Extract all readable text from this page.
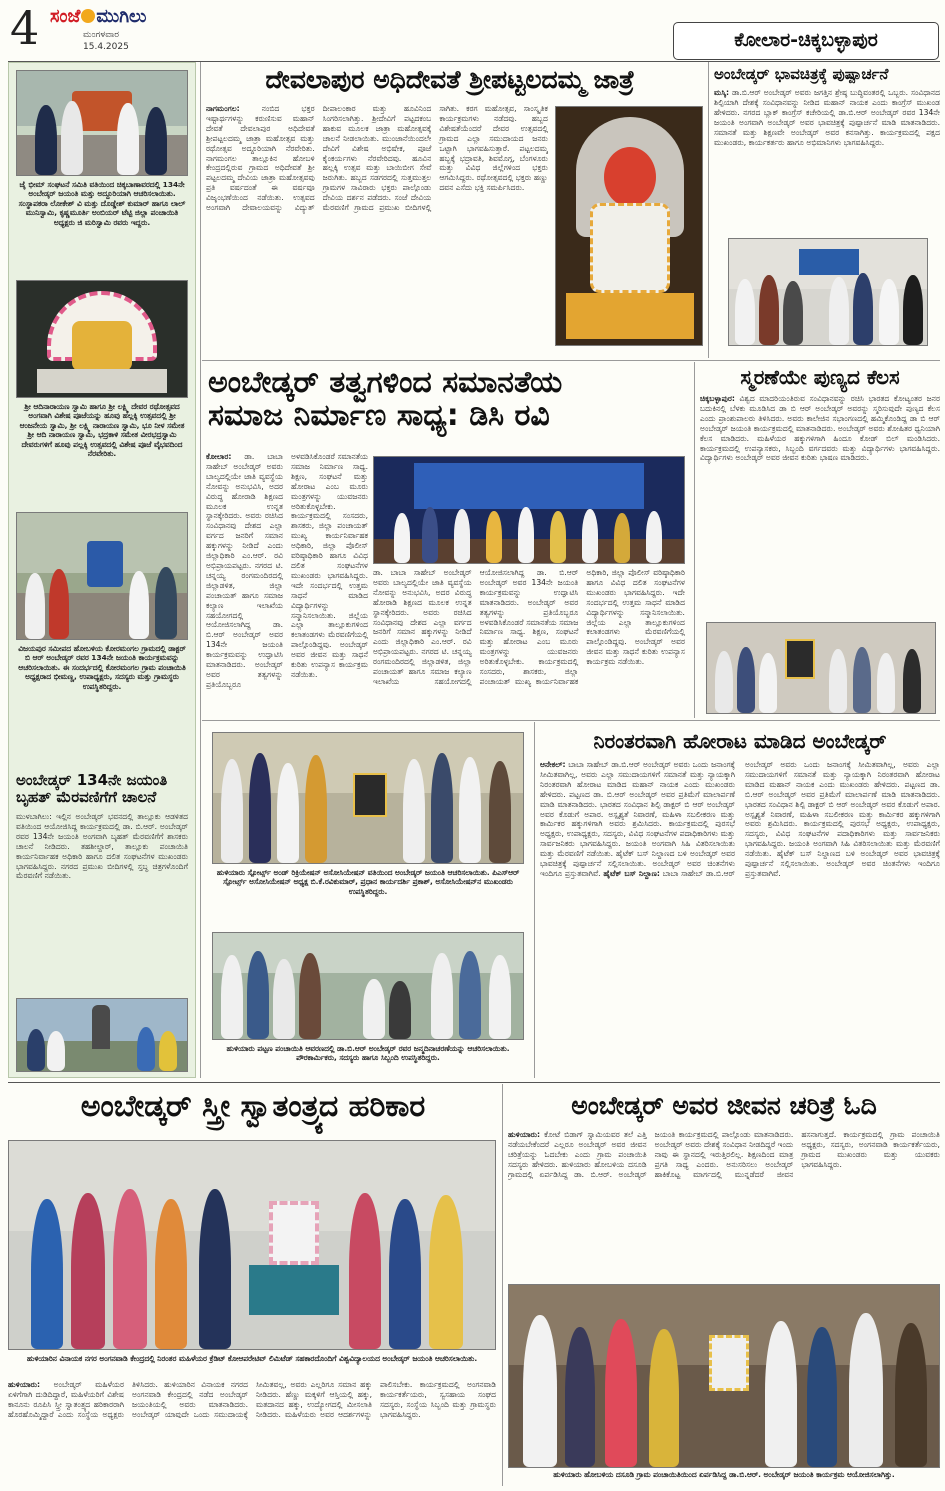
4 ಸಂಜೆ ಮುಗಿಲು
ಮಂಗಳವಾರ
15.4.2025	ಕೋಲಾರ-ಚಿಕ್ಕಬಳ್ಳಾಪುರ
ಜೈ ಭೀಮ್ ಸಂಘಟನೆ ಸಮಿತಿ ವತಿಯಿಂದ ಚಿಕ್ಕಬಾಣಾವರದಲ್ಲಿ 134ನೇ ಅಂಬೇಡ್ಕರ್ ಜಯಂತಿ ಮತ್ತು ಅದ್ದೂರಿಯಾಗಿ ಆಚರಿಸಲಾಯಿತು. ಸಂಸ್ಥಾಪಕರಾ ಲೋಕೇಶ್ ವಿ ಮತ್ತು ದೊಡ್ಡೇಶ್ ಕುಮಾರ್ ಹಾಗೂ ಲಾಲ್ ಮುನಿಸ್ವಾಮಿ, ಕೃಷ್ಣಮೂರ್ತಿ ಅಂಬಿಯರ್ ಟೆಟ್ಟಿ ಜಿಲ್ಲಾ ಪಂಚಾಯಿತಿ ಅಧ್ಯಕ್ಷರು ಜಿ ಮರಿಸ್ವಾಮಿ ರವರು ಇದ್ದರು.
ಶ್ರೀ ಆದಿನಾರಾಯಣ ಸ್ವಾಮಿ ಹಾಗೂ ಶ್ರೀ ಲಕ್ಷ್ಮಿ ದೇವರ ರಥೋತ್ಸವದ ಅಂಗವಾಗಿ ವಿಶೇಷ ಪೂಜೆಯನ್ನು ಹೂವು ಹಲ್ಲಕ್ಕಿ ಉತ್ಸವದಲ್ಲಿ ಶ್ರೀ ಆಂಜನೇಯ ಸ್ವಾಮಿ, ಶ್ರೀ ಲಕ್ಷ್ಮಿ ನಾರಾಯಣ ಸ್ವಾಮಿ, ಭೂ ನೀಳ ಸಮೇತ ಶ್ರೀ ಆದಿ ನಾರಾಯಣ ಸ್ವಾಮಿ, ಭದ್ರಕಾಳಿ ಸಮೇತ ವೀರಭದ್ರಸ್ವಾಮಿ ದೇವರುಗಳಿಗೆ ಹೂವು ಪಲ್ಲಕ್ಕಿ ಉತ್ಸವದಲ್ಲಿ ವಿಶೇಷ ಪೂಜೆ ವೈಭವದಿಂದ ನೆರವೇರಿತು.
ವಿಜಯಪುರ ಸಮೀಪದ ಹೋಬಳಿಯ ಕೋರಮಂಗಲ ಗ್ರಾಮದಲ್ಲಿ ಡಾಕ್ಟರ್ ಬಿ ಆರ್ ಅಂಬೇಡ್ಕರ್ ರವರ 134ನೇ ಜಯಂತಿ ಕಾರ್ಯಕ್ರಮವನ್ನು ಆಚರಿಸಲಾಯಿತು. ಈ ಸಂದರ್ಭದಲ್ಲಿ ಕೋರಮಂಗಲ ಗ್ರಾಮ ಪಂಚಾಯಿತಿ ಅಧ್ಯಕ್ಷರಾದ ಭೀಮಣ್ಣ, ಉಪಾಧ್ಯಕ್ಷರು, ಸದಸ್ಯರು ಮತ್ತು ಗ್ರಾಮಸ್ಥರು ಉಪಸ್ಥಿತರಿದ್ದರು.
ಅಂಬೇಡ್ಕರ್ 134ನೇ ಜಯಂತಿ ಬೃಹತ್ ಮೆರವಣಿಗೆಗೆ ಚಾಲನೆ
ಮುಳಬಾಗಿಲು: ಇಲ್ಲಿನ ಅಂಬೇಡ್ಕರ್ ಭವನದಲ್ಲಿ ತಾಲ್ಲೂಕು ಆಡಳಿತದ ವತಿಯಿಂದ ಆಯೋಜಿಸಿದ್ದ ಕಾರ್ಯಕ್ರಮದಲ್ಲಿ ಡಾ. ಬಿ.ಆರ್. ಅಂಬೇಡ್ಕರ್ ರವರ 134ನೇ ಜಯಂತಿ ಅಂಗವಾಗಿ ಬೃಹತ್ ಮೆರವಣಿಗೆಗೆ ಶಾಸಕರು ಚಾಲನೆ ನೀಡಿದರು. ತಹಶೀಲ್ದಾರ್, ತಾಲ್ಲೂಕು ಪಂಚಾಯಿತಿ ಕಾರ್ಯನಿರ್ವಾಹಕ ಅಧಿಕಾರಿ ಹಾಗೂ ದಲಿತ ಸಂಘಟನೆಗಳ ಮುಖಂಡರು ಭಾಗವಹಿಸಿದ್ದರು. ನಗರದ ಪ್ರಮುಖ ಬೀದಿಗಳಲ್ಲಿ ಸ್ತಬ್ಧ ಚಿತ್ರಗಳೊಂದಿಗೆ ಮೆರವಣಿಗೆ ನಡೆಯಿತು.
ದೇವಲಾಪುರ ಅಧಿದೇವತೆ ಶ್ರೀಪಟ್ಟಲದಮ್ಮ ಜಾತ್ರೆ
ನಾಗಮಂಗಲ:	ನಂಬಿದ ಭಕ್ತರ ಇಷ್ಟಾರ್ಥಗಳನ್ನು ಕರುಣಿಸುವ ಮಹಾನ್ ದೇವತೆ ದೇವಲಾಪುರ ಅಧಿದೇವತೆ ಶ್ರೀಪಟ್ಟಲದಮ್ಮ ಜಾತ್ರಾ ಮಹೋತ್ಸವ ಮತ್ತು ರಥೋತ್ಸವ ಅದ್ದೂರಿಯಾಗಿ ನೆರವೇರಿತು. ನಾಗಮಂಗಲ ತಾಲ್ಲೂಕಿನ ಹೋಬಳಿ ಕೇಂದ್ರದಲ್ಲಿರುವ ಗ್ರಾಮದ ಅಧಿದೇವತೆ ಶ್ರೀ ಪಟ್ಟಲದಮ್ಮ ದೇವಿಯ ಜಾತ್ರಾ ಮಹೋತ್ಸವವು ಪ್ರತಿ ವರ್ಷದಂತೆ ಈ ವರ್ಷವೂ ವಿಜೃಂಭಣೆಯಿಂದ ನಡೆಯಿತು. ಉತ್ಸವದ ಅಂಗವಾಗಿ ದೇವಾಲಯವನ್ನು ವಿದ್ಯುತ್ ದೀಪಾಲಂಕಾರ ಮತ್ತು ಹೂವಿನಿಂದ ಸಿಂಗರಿಸಲಾಗಿತ್ತು. ಶ್ರೀದೇವಿಗೆ ಪಟ್ಟದಕಂಬ ಹಾಕುವ ಮೂಲಕ ಜಾತ್ರಾ ಮಹೋತ್ಸವಕ್ಕೆ ಚಾಲನೆ ನೀಡಲಾಯಿತು. ಮುಂಜಾನೆಯಿಂದಲೇ ದೇವಿಗೆ ವಿಶೇಷ ಅಭಿಷೇಕ, ಪೂಜೆ ಕೈಂಕರ್ಯಗಳು ನೆರವೇರಿದವು. ಹೂವಿನ ಹಲ್ಲಕ್ಕಿ ಉತ್ಸವ ಮತ್ತು ಬಾಯಿಬೀಗ ಸೇವೆ ಜರುಗಿತು. ಹಬ್ಬದ ಸಡಗರದಲ್ಲಿ ಸುತ್ತಮುತ್ತಲ ಗ್ರಾಮಗಳ ಸಾವಿರಾರು ಭಕ್ತರು ಪಾಲ್ಗೊಂಡು ದೇವಿಯ ದರ್ಶನ ಪಡೆದರು. ಸಂಜೆ ದೇವಿಯ ಮೆರವಣಿಗೆ ಗ್ರಾಮದ ಪ್ರಮುಖ ಬೀದಿಗಳಲ್ಲಿ ಸಾಗಿತು. ಕರಗ ಮಹೋತ್ಸವ, ಸಾಂಸ್ಕೃತಿಕ ಕಾರ್ಯಕ್ರಮಗಳು ನಡೆದವು. ಹಬ್ಬದ ವಿಶೇಷತೆಯೆಂದರೆ ದೇವರ ಉತ್ಸವದಲ್ಲಿ ಗ್ರಾಮದ ಎಲ್ಲಾ ಸಮುದಾಯದ ಜನರು ಒಟ್ಟಾಗಿ ಭಾಗವಹಿಸುತ್ತಾರೆ. ಪಟ್ಟಲದಮ್ಮ ಹಬ್ಬಕ್ಕೆ ಭದ್ರಾವತಿ, ಶಿವಮೊಗ್ಗ, ಬೆಂಗಳೂರು ಮತ್ತು ವಿವಿಧ ಜಿಲ್ಲೆಗಳಿಂದ ಭಕ್ತರು ಆಗಮಿಸಿದ್ದರು. ರಥೋತ್ಸವದಲ್ಲಿ ಭಕ್ತರು ಹಣ್ಣು ದವನ ಎಸೆದು ಭಕ್ತಿ ಸಮರ್ಪಿಸಿದರು.
ಅಂಬೇಡ್ಕರ್ ಭಾವಚಿತ್ರಕ್ಕೆ ಪುಷ್ಪಾರ್ಚನೆ
ಮಸ್ಕಿ: ಡಾ.ಬಿ.ಆರ್ ಅಂಬೇಡ್ಕರ್ ಅವರು ಜಗತ್ತಿನ ಶ್ರೇಷ್ಠ ಬುದ್ಧಿವಂತರಲ್ಲಿ ಒಬ್ಬರು. ಸಂವಿಧಾನದ ಶಿಲ್ಪಿಯಾಗಿ ದೇಶಕ್ಕೆ ಸಂವಿಧಾನವನ್ನು ನೀಡಿದ ಮಹಾನ್ ನಾಯಕ ಎಂದು ಕಾಂಗ್ರೆಸ್ ಮುಖಂಡ ಹೇಳಿದರು. ನಗರದ ಬ್ಲಾಕ್ ಕಾಂಗ್ರೆಸ್ ಕಚೇರಿಯಲ್ಲಿ ಡಾ.ಬಿ.ಆರ್ ಅಂಬೇಡ್ಕರ್ ರವರ 134ನೇ ಜಯಂತಿ ಅಂಗವಾಗಿ ಅಂಬೇಡ್ಕರ್ ಅವರ ಭಾವಚಿತ್ರಕ್ಕೆ ಪುಷ್ಪಾರ್ಚನೆ ಮಾಡಿ ಮಾತನಾಡಿದರು. ಸಮಾನತೆ ಮತ್ತು ಶಿಕ್ಷಣವೇ ಅಂಬೇಡ್ಕರ್ ಅವರ ಕನಸಾಗಿತ್ತು. ಕಾರ್ಯಕ್ರಮದಲ್ಲಿ ಪಕ್ಷದ ಮುಖಂಡರು, ಕಾರ್ಯಕರ್ತರು ಹಾಗೂ ಅಭಿಮಾನಿಗಳು ಭಾಗವಹಿಸಿದ್ದರು.
ಅಂಬೇಡ್ಕರ್ ತತ್ವಗಳಿಂದ ಸಮಾನತೆಯ
ಸಮಾಜ ನಿರ್ಮಾಣ ಸಾಧ್ಯ: ಡಿಸಿ ರವಿ
ಕೋಲಾರ: ಡಾ. ಬಾಬಾ ಸಾಹೇಬ್ ಅಂಬೇಡ್ಕರ್ ಅವರು ಬಾಲ್ಯದಲ್ಲಿಯೇ ಜಾತಿ ವ್ಯವಸ್ಥೆಯ ನೋವನ್ನು ಅನುಭವಿಸಿ, ಅದರ ವಿರುದ್ಧ ಹೋರಾಡಿ ಶಿಕ್ಷಣದ ಮೂಲಕ ಉನ್ನತ ಸ್ಥಾನಕ್ಕೇರಿದರು. ಅವರು ರಚಿಸಿದ ಸಂವಿಧಾನವು ದೇಶದ ಎಲ್ಲಾ ವರ್ಗದ ಜನರಿಗೆ ಸಮಾನ ಹಕ್ಕುಗಳನ್ನು ನೀಡಿದೆ ಎಂದು ಜಿಲ್ಲಾಧಿಕಾರಿ ಎಂ.ಆರ್. ರವಿ ಅಭಿಪ್ರಾಯಪಟ್ಟರು. ನಗರದ ಟಿ. ಚನ್ನಯ್ಯ ರಂಗಮಂದಿರದಲ್ಲಿ ಜಿಲ್ಲಾಡಳಿತ, ಜಿಲ್ಲಾ ಪಂಚಾಯತ್ ಹಾಗೂ ಸಮಾಜ ಕಲ್ಯಾಣ ಇಲಾಖೆಯ ಸಹಯೋಗದಲ್ಲಿ ಆಯೋಜಿಸಲಾಗಿದ್ದ ಡಾ. ಬಿ.ಆರ್ ಅಂಬೇಡ್ಕರ್ ಅವರ 134ನೇ ಜಯಂತಿ ಕಾರ್ಯಕ್ರಮವನ್ನು ಉದ್ಘಾಟಿಸಿ ಮಾತನಾಡಿದರು. ಅಂಬೇಡ್ಕರ್ ಅವರ ತತ್ವಗಳನ್ನು ಪ್ರತಿಯೊಬ್ಬರೂ ಅಳವಡಿಸಿಕೊಂಡರೆ ಸಮಾನತೆಯ ಸಮಾಜ ನಿರ್ಮಾಣ ಸಾಧ್ಯ. ಶಿಕ್ಷಣ, ಸಂಘಟನೆ ಮತ್ತು ಹೋರಾಟ ಎಂಬ ಮೂರು ಮಂತ್ರಗಳನ್ನು ಯುವಜನರು ಅರಿತುಕೊಳ್ಳಬೇಕು. ಕಾರ್ಯಕ್ರಮದಲ್ಲಿ ಸಂಸದರು, ಶಾಸಕರು, ಜಿಲ್ಲಾ ಪಂಚಾಯತ್ ಮುಖ್ಯ ಕಾರ್ಯನಿರ್ವಾಹಕ ಅಧಿಕಾರಿ, ಜಿಲ್ಲಾ ಪೊಲೀಸ್ ವರಿಷ್ಠಾಧಿಕಾರಿ ಹಾಗೂ ವಿವಿಧ ದಲಿತ ಸಂಘಟನೆಗಳ ಮುಖಂಡರು ಭಾಗವಹಿಸಿದ್ದರು. ಇದೇ ಸಂದರ್ಭದಲ್ಲಿ ಉತ್ತಮ ಸಾಧನೆ ಮಾಡಿದ ವಿದ್ಯಾರ್ಥಿಗಳನ್ನು ಸನ್ಮಾನಿಸಲಾಯಿತು. ಜಿಲ್ಲೆಯ ಎಲ್ಲಾ ತಾಲ್ಲೂಕುಗಳಿಂದ ಕಲಾತಂಡಗಳು ಮೆರವಣಿಗೆಯಲ್ಲಿ ಪಾಲ್ಗೊಂಡಿದ್ದವು. ಅಂಬೇಡ್ಕರ್ ಅವರ ಜೀವನ ಮತ್ತು ಸಾಧನೆ ಕುರಿತು ಉಪನ್ಯಾಸ ಕಾರ್ಯಕ್ರಮ ನಡೆಯಿತು.
ಡಾ. ಬಾಬಾ ಸಾಹೇಬ್ ಅಂಬೇಡ್ಕರ್ ಅವರು ಬಾಲ್ಯದಲ್ಲಿಯೇ ಜಾತಿ ವ್ಯವಸ್ಥೆಯ ನೋವನ್ನು ಅನುಭವಿಸಿ, ಅದರ ವಿರುದ್ಧ ಹೋರಾಡಿ ಶಿಕ್ಷಣದ ಮೂಲಕ ಉನ್ನತ ಸ್ಥಾನಕ್ಕೇರಿದರು. ಅವರು ರಚಿಸಿದ ಸಂವಿಧಾನವು ದೇಶದ ಎಲ್ಲಾ ವರ್ಗದ ಜನರಿಗೆ ಸಮಾನ ಹಕ್ಕುಗಳನ್ನು ನೀಡಿದೆ ಎಂದು ಜಿಲ್ಲಾಧಿಕಾರಿ ಎಂ.ಆರ್. ರವಿ ಅಭಿಪ್ರಾಯಪಟ್ಟರು. ನಗರದ ಟಿ. ಚನ್ನಯ್ಯ ರಂಗಮಂದಿರದಲ್ಲಿ ಜಿಲ್ಲಾಡಳಿತ, ಜಿಲ್ಲಾ ಪಂಚಾಯತ್ ಹಾಗೂ ಸಮಾಜ ಕಲ್ಯಾಣ ಇಲಾಖೆಯ ಸಹಯೋಗದಲ್ಲಿ ಆಯೋಜಿಸಲಾಗಿದ್ದ ಡಾ. ಬಿ.ಆರ್ ಅಂಬೇಡ್ಕರ್ ಅವರ 134ನೇ ಜಯಂತಿ ಕಾರ್ಯಕ್ರಮವನ್ನು ಉದ್ಘಾಟಿಸಿ ಮಾತನಾಡಿದರು. ಅಂಬೇಡ್ಕರ್ ಅವರ ತತ್ವಗಳನ್ನು ಪ್ರತಿಯೊಬ್ಬರೂ ಅಳವಡಿಸಿಕೊಂಡರೆ ಸಮಾನತೆಯ ಸಮಾಜ ನಿರ್ಮಾಣ ಸಾಧ್ಯ. ಶಿಕ್ಷಣ, ಸಂಘಟನೆ ಮತ್ತು ಹೋರಾಟ ಎಂಬ ಮೂರು ಮಂತ್ರಗಳನ್ನು ಯುವಜನರು ಅರಿತುಕೊಳ್ಳಬೇಕು. ಕಾರ್ಯಕ್ರಮದಲ್ಲಿ ಸಂಸದರು, ಶಾಸಕರು, ಜಿಲ್ಲಾ ಪಂಚಾಯತ್ ಮುಖ್ಯ ಕಾರ್ಯನಿರ್ವಾಹಕ ಅಧಿಕಾರಿ, ಜಿಲ್ಲಾ ಪೊಲೀಸ್ ವರಿಷ್ಠಾಧಿಕಾರಿ ಹಾಗೂ ವಿವಿಧ ದಲಿತ ಸಂಘಟನೆಗಳ ಮುಖಂಡರು ಭಾಗವಹಿಸಿದ್ದರು. ಇದೇ ಸಂದರ್ಭದಲ್ಲಿ ಉತ್ತಮ ಸಾಧನೆ ಮಾಡಿದ ವಿದ್ಯಾರ್ಥಿಗಳನ್ನು ಸನ್ಮಾನಿಸಲಾಯಿತು. ಜಿಲ್ಲೆಯ ಎಲ್ಲಾ ತಾಲ್ಲೂಕುಗಳಿಂದ ಕಲಾತಂಡಗಳು ಮೆರವಣಿಗೆಯಲ್ಲಿ ಪಾಲ್ಗೊಂಡಿದ್ದವು. ಅಂಬೇಡ್ಕರ್ ಅವರ ಜೀವನ ಮತ್ತು ಸಾಧನೆ ಕುರಿತು ಉಪನ್ಯಾಸ ಕಾರ್ಯಕ್ರಮ ನಡೆಯಿತು.
ಸ್ಮರಣೆಯೇ ಪುಣ್ಯದ ಕೆಲಸ
ಚಿಕ್ಕಬಳ್ಳಾಪುರ: ವಿಶ್ವದ ಮಾದರಿಯಂತಿರುವ ಸಂವಿಧಾನವನ್ನು ರಚಿಸಿ ಭಾರತದ ಕೋಟ್ಯಂತರ ಜನರ ಬದುಕಿನಲ್ಲಿ ಬೆಳಕು ಮೂಡಿಸಿದ ಡಾ ಬಿ ಆರ್ ಅಂಬೇಡ್ಕರ್ ಅವರನ್ನು ಸ್ಮರಿಸುವುದೇ ಪುಣ್ಯದ ಕೆಲಸ ಎಂದು ಪ್ರಾಂಶುಪಾಲರು ತಿಳಿಸಿದರು. ಅವರು ಕಾಲೇಜಿನ ಸಭಾಂಗಣದಲ್ಲಿ ಹಮ್ಮಿಕೊಂಡಿದ್ದ ಡಾ ಬಿ ಆರ್ ಅಂಬೇಡ್ಕರ್ ಜಯಂತಿ ಕಾರ್ಯಕ್ರಮದಲ್ಲಿ ಮಾತನಾಡಿದರು. ಅಂಬೇಡ್ಕರ್ ಅವರು ಶೋಷಿತರ ಧ್ವನಿಯಾಗಿ ಕೆಲಸ ಮಾಡಿದರು. ಮಹಿಳೆಯರ ಹಕ್ಕುಗಳಿಗಾಗಿ ಹಿಂದೂ ಕೋಡ್ ಬಿಲ್ ಮಂಡಿಸಿದರು. ಕಾರ್ಯಕ್ರಮದಲ್ಲಿ ಉಪನ್ಯಾಸಕರು, ಸಿಬ್ಬಂದಿ ವರ್ಗದವರು ಮತ್ತು ವಿದ್ಯಾರ್ಥಿಗಳು ಭಾಗವಹಿಸಿದ್ದರು. ವಿದ್ಯಾರ್ಥಿಗಳು ಅಂಬೇಡ್ಕರ್ ಅವರ ಜೀವನ ಕುರಿತು ಭಾಷಣ ಮಾಡಿದರು.
ಹುಳಿಯಾರು ಸ್ಪೋರ್ಟ್ಸ್ ಅಂಡ್ ರಿಕ್ರಿಯೇಷನ್ ಅಸೋಸಿಯೇಷನ್ ವತಿಯಿಂದ ಅಂಬೇಡ್ಕರ್ ಜಯಂತಿ ಆಚರಿಸಲಾಯಿತು. ಪಿಎಸ್ಆರ್ ಸ್ಪೋರ್ಟ್ಸ್ ಅಸೋಸಿಯೇಷನ್ ಅಧ್ಯಕ್ಷ ಬಿ.ಕೆ.ರವಿಕುಮಾರ್, ಪ್ರಧಾನ ಕಾರ್ಯದರ್ಶಿ ಪ್ರಕಾಶ್, ಅಸೋಸಿಯೇಷನ್‌ನ ಮುಖಂಡರು ಉಪಸ್ಥಿತರಿದ್ದರು.
ಹುಳಿಯಾರು ಪಟ್ಟಣ ಪಂಚಾಯಿತಿ ಆವರಣದಲ್ಲಿ ಡಾ.ಬಿ.ಆರ್ ಅಂಬೇಡ್ಕರ್ ರವರ ಜನ್ಮದಿನಾಚರಣೆಯನ್ನು ಆಚರಿಸಲಾಯಿತು. ಪೌರಕಾರ್ಮಿಕರು, ಸದಸ್ಯರು ಹಾಗೂ ಸಿಬ್ಬಂದಿ ಉಪಸ್ಥಿತರಿದ್ದರು.
ನಿರಂತರವಾಗಿ ಹೋರಾಟ ಮಾಡಿದ ಅಂಬೇಡ್ಕರ್
ಆನೇಕಲ್: ಬಾಬಾ ಸಾಹೇಬ್ ಡಾ.ಬಿ.ಆರ್ ಅಂಬೇಡ್ಕರ್ ಅವರು ಒಂದು ಜನಾಂಗಕ್ಕೆ ಸೀಮಿತವಾಗಿಲ್ಲ, ಅವರು ಎಲ್ಲಾ ಸಮುದಾಯಗಳಿಗೆ ಸಮಾನತೆ ಮತ್ತು ನ್ಯಾಯಕ್ಕಾಗಿ ನಿರಂತರವಾಗಿ ಹೋರಾಟ ಮಾಡಿದ ಮಹಾನ್ ನಾಯಕ ಎಂದು ಮುಖಂಡರು ಹೇಳಿದರು. ಪಟ್ಟಣದ ಡಾ. ಬಿ.ಆರ್ ಅಂಬೇಡ್ಕರ್ ಅವರ ಪ್ರತಿಮೆಗೆ ಮಾಲಾರ್ಪಣೆ ಮಾಡಿ ಮಾತನಾಡಿದರು. ಭಾರತದ ಸಂವಿಧಾನ ಶಿಲ್ಪಿ ಡಾಕ್ಟರ್ ಬಿ ಆರ್ ಅಂಬೇಡ್ಕರ್ ಅವರ ಕೊಡುಗೆ ಅಪಾರ. ಅಸ್ಪೃಶ್ಯತೆ ನಿವಾರಣೆ, ಮಹಿಳಾ ಸಬಲೀಕರಣ ಮತ್ತು ಕಾರ್ಮಿಕರ ಹಕ್ಕುಗಳಿಗಾಗಿ ಅವರು ಶ್ರಮಿಸಿದರು. ಕಾರ್ಯಕ್ರಮದಲ್ಲಿ ಪುರಸಭೆ ಅಧ್ಯಕ್ಷರು, ಉಪಾಧ್ಯಕ್ಷರು, ಸದಸ್ಯರು, ವಿವಿಧ ಸಂಘಟನೆಗಳ ಪದಾಧಿಕಾರಿಗಳು ಮತ್ತು ಸಾರ್ವಜನಿಕರು ಭಾಗವಹಿಸಿದ್ದರು. ಜಯಂತಿ ಅಂಗವಾಗಿ ಸಿಹಿ ವಿತರಿಸಲಾಯಿತು ಮತ್ತು ಮೆರವಣಿಗೆ ನಡೆಯಿತು. ಹೈಟೆಕ್ ಬಸ್ ನಿಲ್ದಾಣದ ಬಳಿ ಅಂಬೇಡ್ಕರ್ ಅವರ ಭಾವಚಿತ್ರಕ್ಕೆ ಪುಷ್ಪಾರ್ಚನೆ ಸಲ್ಲಿಸಲಾಯಿತು. ಅಂಬೇಡ್ಕರ್ ಅವರ ಚಿಂತನೆಗಳು ಇಂದಿಗೂ ಪ್ರಸ್ತುತವಾಗಿವೆ. ಹೈಟೆಕ್ ಬಸ್ ನಿಲ್ದಾಣ: ಬಾಬಾ ಸಾಹೇಬ್ ಡಾ.ಬಿ.ಆರ್ ಅಂಬೇಡ್ಕರ್ ಅವರು ಒಂದು ಜನಾಂಗಕ್ಕೆ ಸೀಮಿತವಾಗಿಲ್ಲ, ಅವರು ಎಲ್ಲಾ ಸಮುದಾಯಗಳಿಗೆ ಸಮಾನತೆ ಮತ್ತು ನ್ಯಾಯಕ್ಕಾಗಿ ನಿರಂತರವಾಗಿ ಹೋರಾಟ ಮಾಡಿದ ಮಹಾನ್ ನಾಯಕ ಎಂದು ಮುಖಂಡರು ಹೇಳಿದರು. ಪಟ್ಟಣದ ಡಾ. ಬಿ.ಆರ್ ಅಂಬೇಡ್ಕರ್ ಅವರ ಪ್ರತಿಮೆಗೆ ಮಾಲಾರ್ಪಣೆ ಮಾಡಿ ಮಾತನಾಡಿದರು. ಭಾರತದ ಸಂವಿಧಾನ ಶಿಲ್ಪಿ ಡಾಕ್ಟರ್ ಬಿ ಆರ್ ಅಂಬೇಡ್ಕರ್ ಅವರ ಕೊಡುಗೆ ಅಪಾರ. ಅಸ್ಪೃಶ್ಯತೆ ನಿವಾರಣೆ, ಮಹಿಳಾ ಸಬಲೀಕರಣ ಮತ್ತು ಕಾರ್ಮಿಕರ ಹಕ್ಕುಗಳಿಗಾಗಿ ಅವರು ಶ್ರಮಿಸಿದರು. ಕಾರ್ಯಕ್ರಮದಲ್ಲಿ ಪುರಸಭೆ ಅಧ್ಯಕ್ಷರು, ಉಪಾಧ್ಯಕ್ಷರು, ಸದಸ್ಯರು, ವಿವಿಧ ಸಂಘಟನೆಗಳ ಪದಾಧಿಕಾರಿಗಳು ಮತ್ತು ಸಾರ್ವಜನಿಕರು ಭಾಗವಹಿಸಿದ್ದರು. ಜಯಂತಿ ಅಂಗವಾಗಿ ಸಿಹಿ ವಿತರಿಸಲಾಯಿತು ಮತ್ತು ಮೆರವಣಿಗೆ ನಡೆಯಿತು. ಹೈಟೆಕ್ ಬಸ್ ನಿಲ್ದಾಣದ ಬಳಿ ಅಂಬೇಡ್ಕರ್ ಅವರ ಭಾವಚಿತ್ರಕ್ಕೆ ಪುಷ್ಪಾರ್ಚನೆ ಸಲ್ಲಿಸಲಾಯಿತು. ಅಂಬೇಡ್ಕರ್ ಅವರ ಚಿಂತನೆಗಳು ಇಂದಿಗೂ ಪ್ರಸ್ತುತವಾಗಿವೆ.
ಅಂಬೇಡ್ಕರ್ ಸ್ತ್ರೀ ಸ್ವಾತಂತ್ರ್ಯದ ಹರಿಕಾರ
ಹುಳಿಯಾರಿನ ವಿನಾಯಕ ನಗರ ಅಂಗನವಾಡಿ ಕೇಂದ್ರದಲ್ಲಿ ನಿರಂತರ ಮಹಿಳೆಯರ ಕ್ರೆಡಿಟ್ ಕೋಆಪರೇಟಿವ್ ಲಿಮಿಟೆಡ್ ಸಹಕಾರದೊಂದಿಗೆ ವಿಶ್ವವಿದ್ಯಾಲಯದ ಅಂಬೇಡ್ಕರ್ ಜಯಂತಿ ಆಚರಿಸಲಾಯಿತು.
ಹುಳಿಯಾರು: ಅಂಬೇಡ್ಕರ್ ಮಹಿಳೆಯರ ಏಳಿಗೆಗಾಗಿ ದುಡಿದಿದ್ದಾರೆ, ಮಹಿಳೆಯರಿಗೆ ವಿಶೇಷ ಕಾನೂನು ರೂಪಿಸಿ ಸ್ತ್ರೀ ಸ್ವಾತಂತ್ರ್ಯದ ಹರಿಕಾರರಾಗಿ ಹೊರಹೊಮ್ಮಿದ್ದಾರೆ ಎಂದು ಸಂಸ್ಥೆಯ ಅಧ್ಯಕ್ಷರು ತಿಳಿಸಿದರು. ಹುಳಿಯಾರಿನ ವಿನಾಯಕ ನಗರದ ಅಂಗನವಾಡಿ ಕೇಂದ್ರದಲ್ಲಿ ನಡೆದ ಅಂಬೇಡ್ಕರ್ ಜಯಂತಿಯಲ್ಲಿ ಅವರು ಮಾತನಾಡಿದರು. ಅಂಬೇಡ್ಕರ್ ಯಾವುದೇ ಒಂದು ಸಮುದಾಯಕ್ಕೆ ಸೀಮಿತವಲ್ಲ, ಅವರು ಎಲ್ಲರಿಗೂ ಸಮಾನ ಹಕ್ಕು ನೀಡಿದರು. ಹೆಣ್ಣು ಮಕ್ಕಳಿಗೆ ಆಸ್ತಿಯಲ್ಲಿ ಹಕ್ಕು, ಮತದಾನದ ಹಕ್ಕು, ಉದ್ಯೋಗದಲ್ಲಿ ಮೀಸಲಾತಿ ನೀಡಿದರು. ಮಹಿಳೆಯರು ಅವರ ಆದರ್ಶಗಳನ್ನು ಪಾಲಿಸಬೇಕು. ಕಾರ್ಯಕ್ರಮದಲ್ಲಿ ಅಂಗನವಾಡಿ ಕಾರ್ಯಕರ್ತೆಯರು, ಸ್ವಸಹಾಯ ಸಂಘದ ಸದಸ್ಯರು, ಸಂಸ್ಥೆಯ ಸಿಬ್ಬಂದಿ ಮತ್ತು ಗ್ರಾಮಸ್ಥರು ಭಾಗವಹಿಸಿದ್ದರು.
ಅಂಬೇಡ್ಕರ್ ಅವರ ಜೀವನ ಚರಿತ್ರೆ ಓದಿ
ಹುಳಿಯಾರು: ಕೋಟೆ ಬಿಡಾಗ್ ಸ್ವಾಮಿಯವರ ತಲೆ ಎತ್ತಿ ನಡೆಯಬೇಕೆಂದರೆ ಎಲ್ಲರೂ ಅಂಬೇಡ್ಕರ್ ಅವರ ಜೀವನ ಚರಿತ್ರೆಯನ್ನು ಓದಬೇಕು ಎಂದು ಗ್ರಾಮ ಪಂಚಾಯಿತಿ ಸದಸ್ಯರು ಹೇಳಿದರು. ಹುಳಿಯಾರು ಹೋಬಳಿಯ ದಸೂಡಿ ಗ್ರಾಮದಲ್ಲಿ ಏರ್ಪಡಿಸಿದ್ದ ಡಾ. ಬಿ.ಆರ್. ಅಂಬೇಡ್ಕರ್ ಜಯಂತಿ ಕಾರ್ಯಕ್ರಮದಲ್ಲಿ ಪಾಲ್ಗೊಂಡು ಮಾತನಾಡಿದರು. ಅಂಬೇಡ್ಕರ್ ಅವರು ದೇಶಕ್ಕೆ ಸಂವಿಧಾನ ನೀಡದಿದ್ದರೆ ಇಂದು ನಾವು ಈ ಸ್ಥಾನದಲ್ಲಿ ಇರುತ್ತಿರಲಿಲ್ಲ. ಶಿಕ್ಷಣದಿಂದ ಮಾತ್ರ ಪ್ರಗತಿ ಸಾಧ್ಯ ಎಂದರು. ಅನುಸರಿಸಲು ಅಂಬೇಡ್ಕರ್ ಹಾಕಿಕೊಟ್ಟ ಮಾರ್ಗದಲ್ಲಿ ಮುನ್ನಡೆದರೆ ಜೀವನ ಹಸನಾಗುತ್ತದೆ. ಕಾರ್ಯಕ್ರಮದಲ್ಲಿ ಗ್ರಾಮ ಪಂಚಾಯಿತಿ ಅಧ್ಯಕ್ಷರು, ಸದಸ್ಯರು, ಅಂಗನವಾಡಿ ಕಾರ್ಯಕರ್ತೆಯರು, ಗ್ರಾಮದ ಮುಖಂಡರು ಮತ್ತು ಯುವಕರು ಭಾಗವಹಿಸಿದ್ದರು.
ಹುಳಿಯಾರು ಹೋಬಳಿಯ ದಸೂಡಿ ಗ್ರಾಮ ಪಂಚಾಯಿತಿಯಿಂದ ಏರ್ಪಡಿಸಿದ್ದ ಡಾ.ಬಿ.ಆರ್. ಅಂಬೇಡ್ಕರ್ ಜಯಂತಿ ಕಾರ್ಯಕ್ರಮ ಆಯೋಜಿಸಲಾಗಿತ್ತು.
